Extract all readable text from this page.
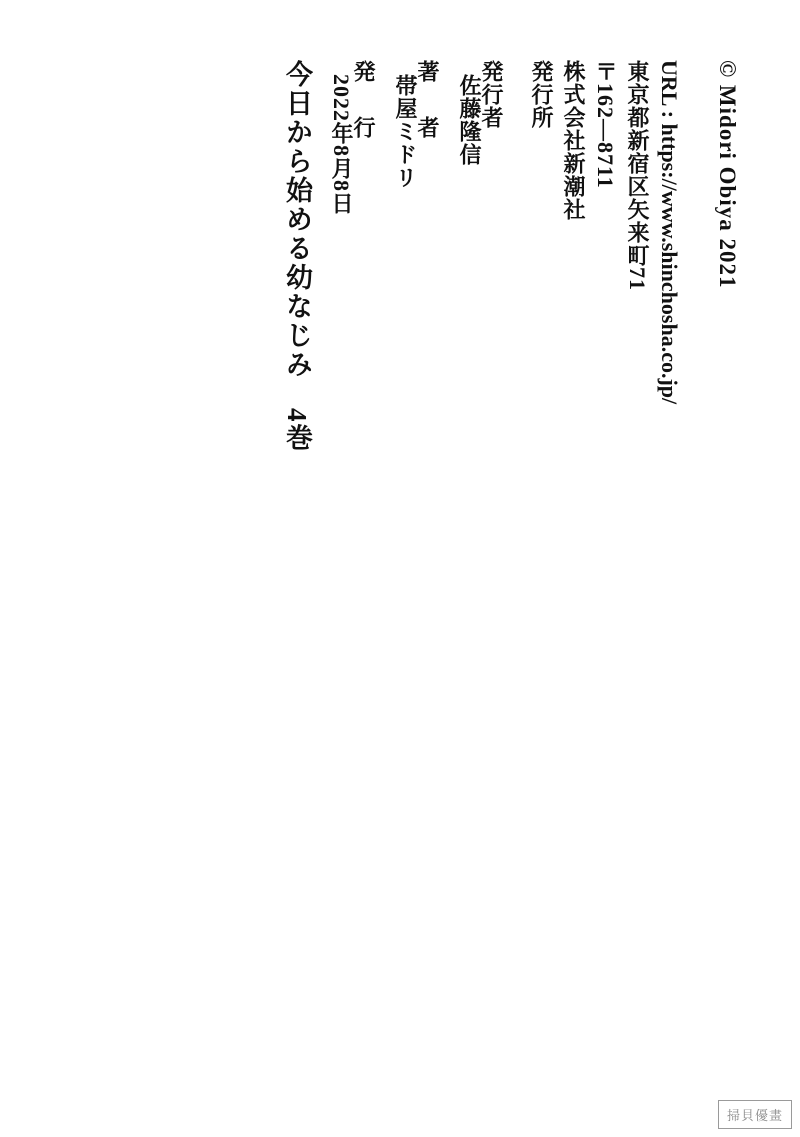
今日から始める幼なじみ　4巻 発　行
2022年8月8日	著　者
帯屋ミドリ	発行者
佐藤隆信 発行所 株式会社新潮社 〒162―8711 東京都新宿区矢来町71 URL : https://www.shinchosha.co.jp/ © Midori Obiya 2021
掃貝優畫
